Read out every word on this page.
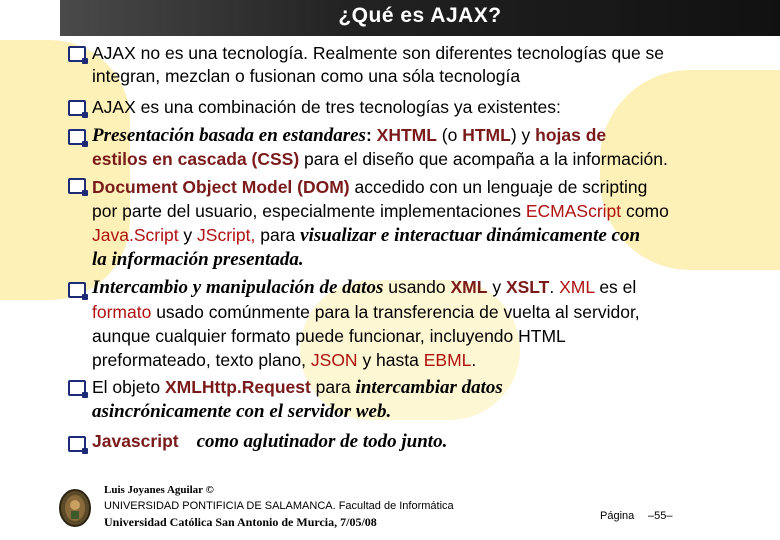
¿Qué es AJAX?
AJAX no es una tecnología. Realmente son diferentes tecnologías que se
integran, mezclan o fusionan como una sóla tecnología
AJAX es una combinación de tres tecnologías ya existentes:
Presentación basada en estandares: XHTML (o HTML) y hojas de
estilos en cascada (CSS) para el diseño que acompaña a la información.
Document Object Model (DOM) accedido con un lenguaje de scripting
por parte del usuario, especialmente implementaciones ECMAScript como
Java.Script y JScript, para visualizar e interactuar dinámicamente con
la información presentada.
Intercambio y manipulación de datos usando XML y XSLT. XML es el
formato usado comúnmente para la transferencia de vuelta al servidor,
aunque cualquier formato puede funcionar, incluyendo HTML
preformateado, texto plano, JSON y hasta EBML.
El objeto XMLHttp.Request para intercambiar datos
asincrónicamente con el servidor web.
Javascript como aglutinador de todo junto.
Luis Joyanes Aguilar ©
UNIVERSIDAD PONTIFICIA DE SALAMANCA. Facultad de Informática
Universidad Católica San Antonio de Murcia, 7/05/08	Página –55–
